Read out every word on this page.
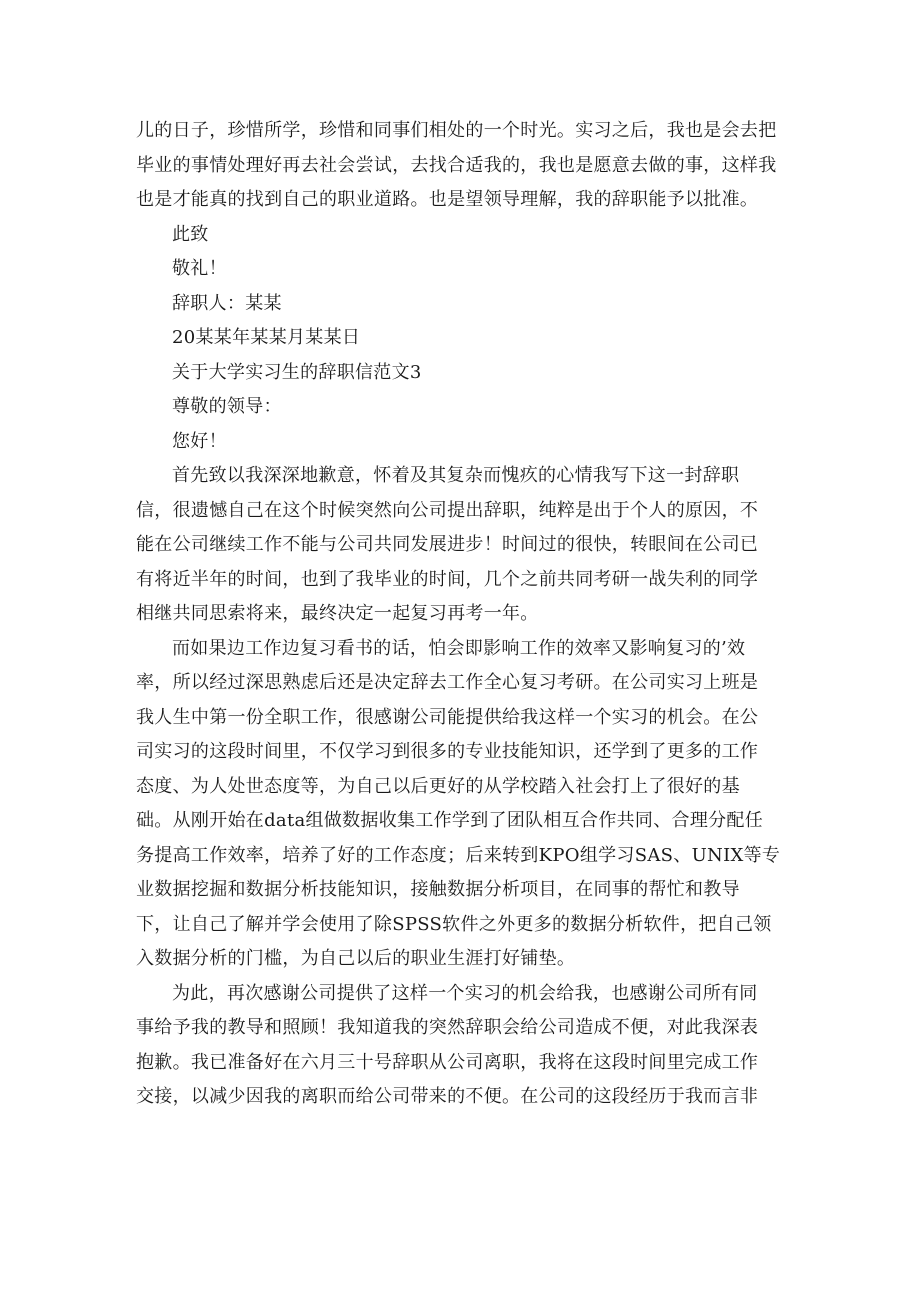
儿的日子，珍惜所学，珍惜和同事们相处的一个时光。实习之后，我也是会去把
毕业的事情处理好再去社会尝试，去找合适我的，我也是愿意去做的事，这样我
也是才能真的找到自己的职业道路。也是望领导理解，我的辞职能予以批准。
此致
敬礼！
辞职人：某某
20某某年某某月某某日
关于大学实习生的辞职信范文3
尊敬的领导：
您好！
首先致以我深深地歉意，怀着及其复杂而愧疚的心情我写下这一封辞职
信，很遗憾自己在这个时候突然向公司提出辞职，纯粹是出于个人的原因，不
能在公司继续工作不能与公司共同发展进步！时间过的很快，转眼间在公司已
有将近半年的时间，也到了我毕业的时间，几个之前共同考研一战失利的同学
相继共同思索将来，最终决定一起复习再考一年。
而如果边工作边复习看书的话，怕会即影响工作的效率又影响复习的’效
率，所以经过深思熟虑后还是决定辞去工作全心复习考研。在公司实习上班是
我人生中第一份全职工作，很感谢公司能提供给我这样一个实习的机会。在公
司实习的这段时间里，不仅学习到很多的专业技能知识，还学到了更多的工作
态度、为人处世态度等，为自己以后更好的从学校踏入社会打上了很好的基
础。从刚开始在data组做数据收集工作学到了团队相互合作共同、合理分配任
务提高工作效率，培养了好的工作态度；后来转到KPO组学习SAS、UNIX等专
业数据挖掘和数据分析技能知识，接触数据分析项目，在同事的帮忙和教导
下，让自己了解并学会使用了除SPSS软件之外更多的数据分析软件，把自己领
入数据分析的门槛，为自己以后的职业生涯打好铺垫。
为此，再次感谢公司提供了这样一个实习的机会给我，也感谢公司所有同
事给予我的教导和照顾！我知道我的突然辞职会给公司造成不便，对此我深表
抱歉。我已准备好在六月三十号辞职从公司离职，我将在这段时间里完成工作
交接，以减少因我的离职而给公司带来的不便。在公司的这段经历于我而言非
